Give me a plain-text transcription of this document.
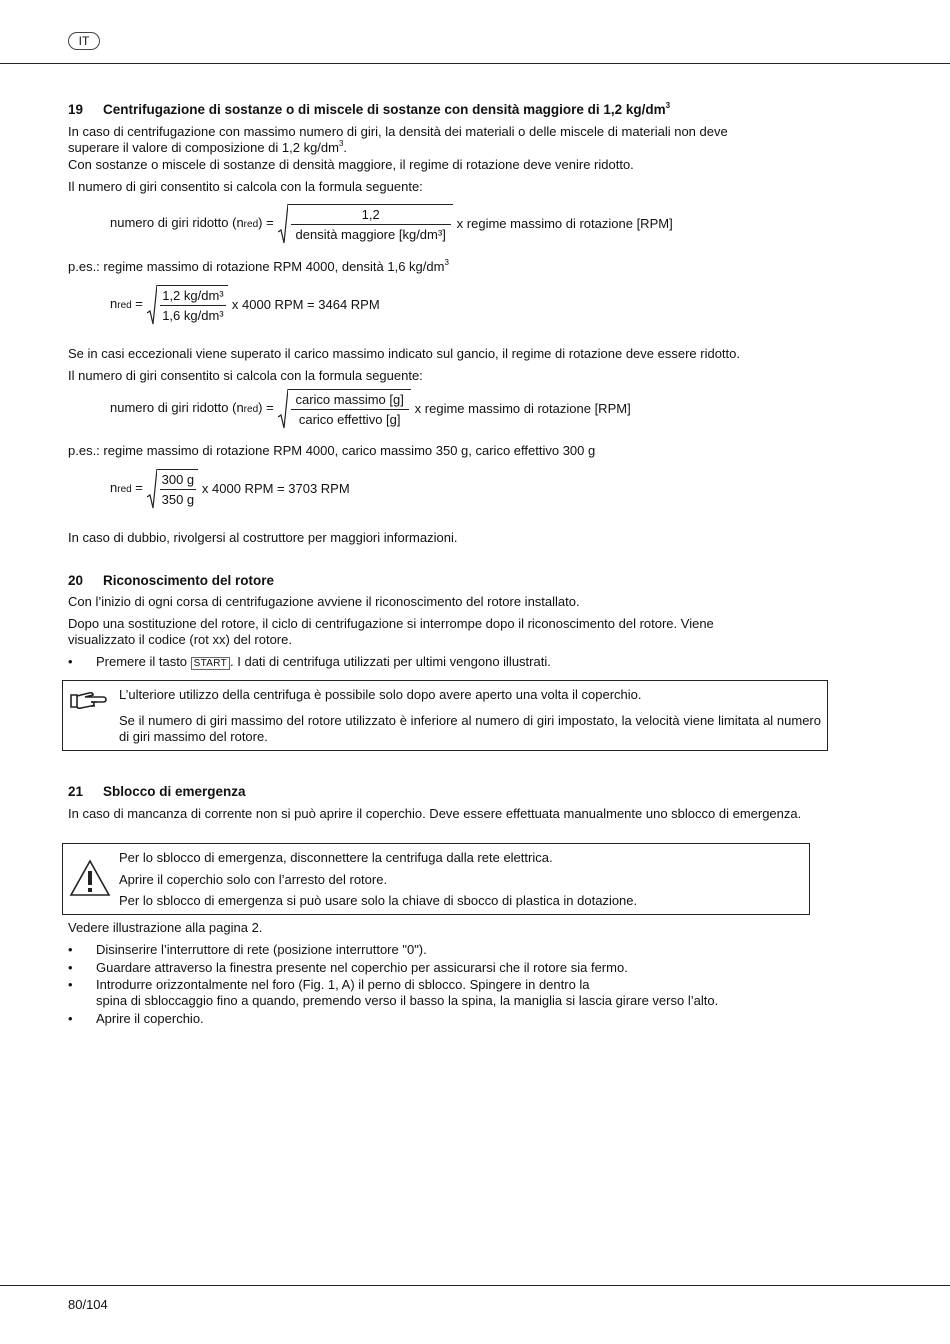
IT
19 Centrifugazione di sostanze o di miscele di sostanze con densità maggiore di 1,2 $kg/dm^3$
In caso di centrifugazione con massimo numero di giri, la densità dei materiali o delle miscele di materiali non deve
superare il valore di composizione di 1,2 $kg/dm^3$.
Con sostanze o miscele di sostanze di densità maggiore, il regime di rotazione deve venire ridotto.
Il numero di giri consentito si calcola con la formula seguente:
numero di giri ridotto (nred) = $\frac{1,2}{\text{densità maggiore [kg/dm³]}}$ x regime massimo di rotazione [RPM]
p.es.: regime massimo di rotazione RPM 4000, densità 1,6 $kg/dm^3$
nred = $\frac{\text{1,2 kg/dm³}}{\text{1,6 kg/dm³}}$ x 4000 RPM = 3464 RPM
Se in casi eccezionali viene superato il carico massimo indicato sul gancio, il regime di rotazione deve essere ridotto.
Il numero di giri consentito si calcola con la formula seguente:
numero di giri ridotto (nred) = $\frac{\text{carico massimo [g]}}{\text{carico effettivo [g]}}$ x regime massimo di rotazione [RPM]
p.es.: regime massimo di rotazione RPM 4000, carico massimo 350 g, carico effettivo 300 g
nred = $\frac{300 g}{350 g}$ x 4000 RPM = 3703 RPM
In caso di dubbio, rivolgersi al costruttore per maggiori informazioni.
20 Riconoscimento del rotore
Con l’inizio di ogni corsa di centrifugazione avviene il riconoscimento del rotore installato.
Dopo una sostituzione del rotore, il ciclo di centrifugazione si interrompe dopo il riconoscimento del rotore. Viene
visualizzato il codice (rot xx) del rotore.
• Premere il tasto START . I dati di centrifuga utilizzati per ultimi vengono illustrati.
L’ulteriore utilizzo della centrifuga è possibile solo dopo avere aperto una volta il coperchio.
Se il numero di giri massimo del rotore utilizzato è inferiore al numero di giri impostato, la velocità viene limitata al numero di giri massimo del rotore.
21 Sblocco di emergenza
In caso di mancanza di corrente non si può aprire il coperchio. Deve essere effettuata manualmente uno sblocco di emergenza.
Per lo sblocco di emergenza, disconnettere la centrifuga dalla rete elettrica.
Aprire il coperchio solo con l’arresto del rotore.
Per lo sblocco di emergenza si può usare solo la chiave di sbocco di plastica in dotazione.
Vedere illustrazione alla pagina 2.
• Disinserire l’interruttore di rete (posizione interruttore "0").
• Guardare attraverso la finestra presente nel coperchio per assicurarsi che il rotore sia fermo.
• Introdurre orizzontalmente nel foro (Fig. 1, A) il perno di sblocco. Spingere in dentro la
spina di sbloccaggio fino a quando, premendo verso il basso la spina, la maniglia si lascia girare verso l’alto.
• Aprire il coperchio.
80/104
